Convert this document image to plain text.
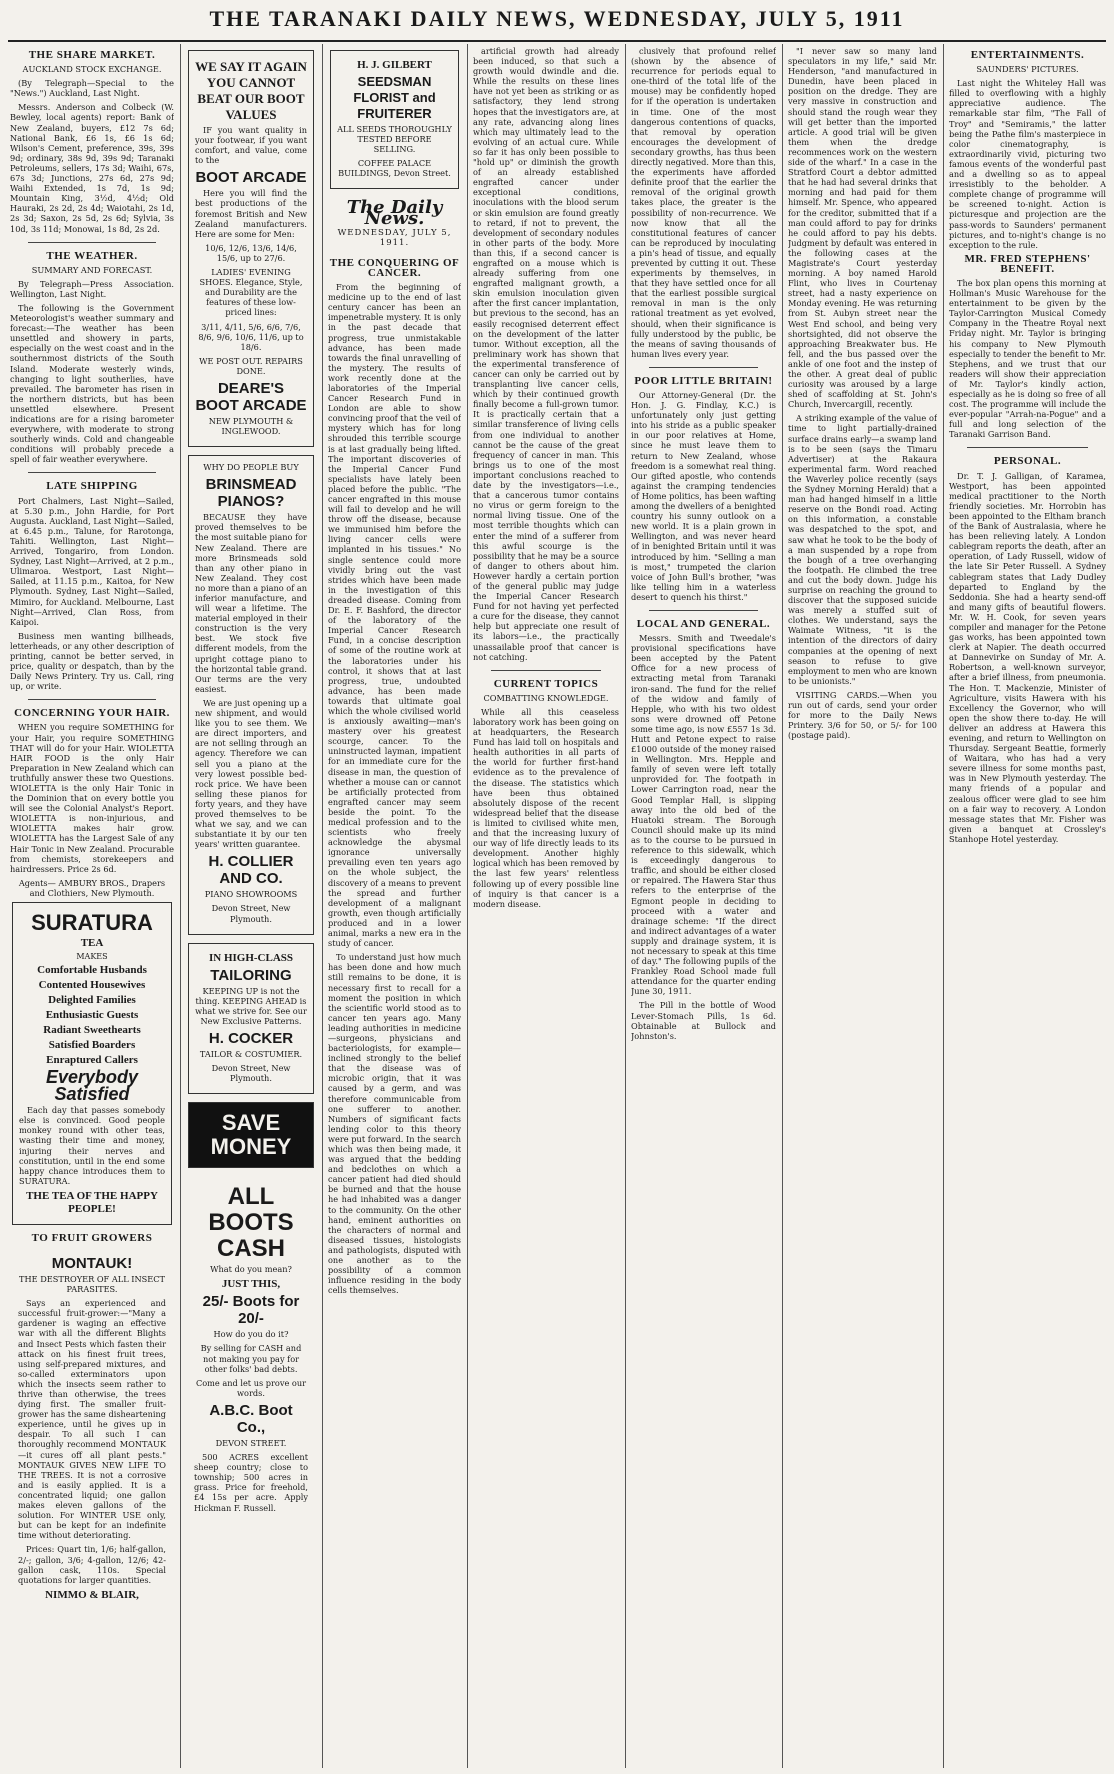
THE TARANAKI DAILY NEWS, WEDNESDAY, JULY 5, 1911
THE SHARE MARKET.

AUCKLAND STOCK EXCHANGE.

(By Telegraph—Special to the "News.") Auckland, Last Night.

Messrs. Anderson and Colbeck (W. Bewley, local agents) report: Bank of New Zealand, buyers, £12 7s 6d; National Bank, £6 1s, £6 1s 6d; Wilson's Cement, preference, 39s, 39s 9d; ordinary, 38s 9d, 39s 9d; Taranaki Petroleums, sellers, 17s 3d; Waihi, 67s, 67s 3d; Junctions, 27s 6d, 27s 9d; Waihi Extended, 1s 7d, 1s 9d; Mountain King, 3½d, 4½d; Old Hauraki, 2s 2d, 2s 4d; Waiotahi, 2s 1d, 2s 3d; Saxon, 2s 5d, 2s 6d; Sylvia, 3s 10d, 3s 11d; Monowai, 1s 8d, 2s 2d.

THE WEATHER.

SUMMARY AND FORECAST.

By Telegraph—Press Association. Wellington, Last Night.

The following is the Government Meteorologist's weather summary and forecast:—The weather has been unsettled and showery in parts, especially on the west coast and in the southernmost districts of the South Island. Moderate westerly winds, changing to light southerlies, have prevailed. The barometer has risen in the northern districts, but has been unsettled elsewhere. Present indications are for a rising barometer everywhere, with moderate to strong southerly winds. Cold and changeable conditions will probably precede a spell of fair weather everywhere.

LATE SHIPPING

Port Chalmers, Last Night—Sailed, at 5.30 p.m., John Hardie, for Port Augusta. Auckland, Last Night—Sailed, at 6.45 p.m., Talune, for Rarotonga, Tahiti. Wellington, Last Night—Arrived, Tongariro, from London. Sydney, Last Night—Arrived, at 2 p.m., Ulimaroa. Westport, Last Night—Sailed, at 11.15 p.m., Kaitoa, for New Plymouth. Sydney, Last Night—Sailed, Mimiro, for Auckland. Melbourne, Last Night—Arrived, Clan Ross, from Kaipoi.

Business men wanting billheads, letterheads, or any other description of printing, cannot be better served, in price, quality or despatch, than by the Daily News Printery. Try us. Call, ring up, or write.

CONCERNING YOUR HAIR.

WHEN you require SOMETHING for your Hair, you require SOMETHING THAT will do for your Hair. WIOLETTA HAIR FOOD is the only Hair Preparation in New Zealand which can truthfully answer these two Questions. WIOLETTA is the only Hair Tonic in the Dominion that on every bottle you will see the Colonial Analyst's Report. WIOLETTA is non-injurious, and WIOLETTA makes hair grow. WIOLETTA has the Largest Sale of any Hair Tonic in New Zealand. Procurable from chemists, storekeepers and hairdressers. Price 2s 6d.

Agents— AMBURY BROS., Drapers and Clothiers, New Plymouth.

SURATURA
TEA
MAKES
Comfortable Husbands
Contented Housewives
Delighted Families
Enthusiastic Guests
Radiant Sweethearts
Satisfied Boarders
Enraptured Callers
Everybody Satisfied

Each day that passes somebody else is convinced. Good people monkey round with other teas, wasting their time and money, injuring their nerves and constitution, until in the end some happy chance introduces them to SURATURA.

THE TEA OF THE HAPPY PEOPLE!
TO FRUIT GROWERS
MONTAUK!

THE DESTROYER OF ALL INSECT PARASITES.

Says an experienced and successful fruit-grower:—"Many a gardener is waging an effective war with all the different Blights and Insect Pests which fasten their attack on his finest fruit trees, using self-prepared mixtures, and so-called exterminators upon which the insects seem rather to thrive than otherwise, the trees dying first. The smaller fruit-grower has the same disheartening experience, until he gives up in despair. To all such I can thoroughly recommend MONTAUK—it cures off all plant pests." MONTAUK GIVES NEW LIFE TO THE TREES. It is not a corrosive and is easily applied. It is a concentrated liquid; one gallon makes eleven gallons of the solution. For WINTER USE only, but can be kept for an indefinite time without deteriorating.

Prices: Quart tin, 1/6; half-gallon, 2/-; gallon, 3/6; 4-gallon, 12/6; 42-gallon cask, 110s. Special quotations for larger quantities.

NIMMO & BLAIR,
WE SAY IT AGAIN YOU CANNOT BEAT OUR BOOT VALUES

IF you want quality in your footwear, if you want comfort, and value, come to the

BOOT ARCADE

Here you will find the best productions of the foremost British and New Zealand manufacturers. Here are some for Men:

10/6, 12/6, 13/6, 14/6, 15/6, up to 27/6.

LADIES' EVENING SHOES. Elegance, Style, and Durability are the features of these low-priced lines:

3/11, 4/11, 5/6, 6/6, 7/6, 8/6, 9/6, 10/6, 11/6, up to 18/6.

WE POST OUT. REPAIRS DONE.

DEARE'S BOOT ARCADE

NEW PLYMOUTH & INGLEWOOD.

WHY DO PEOPLE BUY

BRINSMEAD PIANOS?

BECAUSE they have proved themselves to be the most suitable piano for New Zealand. There are more Brinsmeads sold than any other piano in New Zealand. They cost no more than a piano of an inferior manufacture, and will wear a lifetime. The material employed in their construction is the very best. We stock five different models, from the upright cottage piano to the horizontal table grand. Our terms are the very easiest.

We are just opening up a new shipment, and would like you to see them. We are direct importers, and are not selling through an agency. Therefore we can sell you a piano at the very lowest possible bed-rock price. We have been selling these pianos for forty years, and they have proved themselves to be what we say, and we can substantiate it by our ten years' written guarantee.

H. COLLIER AND CO.

PIANO SHOWROOMS

Devon Street, New Plymouth.

IN HIGH-CLASS
TAILORING

KEEPING UP is not the thing. KEEPING AHEAD is what we strive for. See our New Exclusive Patterns.

H. COCKER

TAILOR & COSTUMIER.

Devon Street, New Plymouth.

SAVE MONEY
ALL BOOTS CASH

What do you mean?

JUST THIS,
25/- Boots for 20/-

How do you do it?

By selling for CASH and not making you pay for other folks' bad debts.

Come and let us prove our words.

A.B.C. Boot Co.,

DEVON STREET.

500 ACRES excellent sheep country; close to township; 500 acres in grass. Price for freehold, £4 15s per acre. Apply Hickman F. Russell.

H. J. GILBERT
SEEDSMAN FLORIST and FRUITERER

ALL SEEDS THOROUGHLY TESTED BEFORE SELLING.

COFFEE PALACE BUILDINGS, Devon Street.

The Daily News.
WEDNESDAY, JULY 5, 1911.
THE CONQUERING OF CANCER.

From the beginning of medicine up to the end of last century cancer has been an impenetrable mystery. It is only in the past decade that progress, true unmistakable advance, has been made towards the final unravelling of the mystery. The results of work recently done at the laboratories of the Imperial Cancer Research Fund in London are able to show convincing proof that the veil of mystery which has for long shrouded this terrible scourge is at last gradually being lifted. The important discoveries of the Imperial Cancer Fund specialists have lately been placed before the public. "The cancer engrafted in this mouse will fail to develop and he will throw off the disease, because we immunised him before the living cancer cells were implanted in his tissues." No single sentence could more vividly bring out the vast strides which have been made in the investigation of this dreaded disease. Coming from Dr. E. F. Bashford, the director of the laboratory of the Imperial Cancer Research Fund, in a concise description of some of the routine work at the laboratories under his control, it shows that at last progress, true, undoubted advance, has been made towards that ultimate goal which the whole civilised world is anxiously awaiting—man's mastery over his greatest scourge, cancer. To the uninstructed layman, impatient for an immediate cure for the disease in man, the question of whether a mouse can or cannot be artificially protected from engrafted cancer may seem beside the point. To the medical profession and to the scientists who freely acknowledge the abysmal ignorance universally prevailing even ten years ago on the whole subject, the discovery of a means to prevent the spread and further development of a malignant growth, even though artificially produced and in a lower animal, marks a new era in the study of cancer.

To understand just how much has been done and how much still remains to be done, it is necessary first to recall for a moment the position in which the scientific world stood as to cancer ten years ago. Many leading authorities in medicine—surgeons, physicians and bacteriologists, for example—inclined strongly to the belief that the disease was of microbic origin, that it was caused by a germ, and was therefore communicable from one sufferer to another. Numbers of significant facts lending color to this theory were put forward. In the search which was then being made, it was argued that the bedding and bedclothes on which a cancer patient had died should be burned and that the house he had inhabited was a danger to the community. On the other hand, eminent authorities on the characters of normal and diseased tissues, histologists and pathologists, disputed with one another as to the possibility of a common influence residing in the body cells themselves.

artificial growth had already been induced, so that such a growth would dwindle and die. While the results on these lines have not yet been as striking or as satisfactory, they lend strong hopes that the investigators are, at any rate, advancing along lines which may ultimately lead to the evolving of an actual cure. While so far it has only been possible to "hold up" or diminish the growth of an already established engrafted cancer under exceptional conditions, inoculations with the blood serum or skin emulsion are found greatly to retard, if not to prevent, the development of secondary nodules in other parts of the body. More than this, if a second cancer is engrafted on a mouse which is already suffering from one engrafted malignant growth, a skin emulsion inoculation given after the first cancer implantation, but previous to the second, has an easily recognised deterrent effect on the development of the latter tumor. Without exception, all the preliminary work has shown that the experimental transference of cancer can only be carried out by transplanting live cancer cells, which by their continued growth finally become a full-grown tumor. It is practically certain that a similar transference of living cells from one individual to another cannot be the cause of the great frequency of cancer in man. This brings us to one of the most important conclusions reached to date by the investigators—i.e., that a cancerous tumor contains no virus or germ foreign to the normal living tissue. One of the most terrible thoughts which can enter the mind of a sufferer from this awful scourge is the possibility that he may be a source of danger to others about him. However hardly a certain portion of the general public may judge the Imperial Cancer Research Fund for not having yet perfected a cure for the disease, they cannot help but appreciate one result of its labors—i.e., the practically unassailable proof that cancer is not catching.

CURRENT TOPICS

COMBATTING KNOWLEDGE.

While all this ceaseless laboratory work has been going on at headquarters, the Research Fund has laid toll on hospitals and health authorities in all parts of the world for further first-hand evidence as to the prevalence of the disease. The statistics which have been thus obtained absolutely dispose of the recent widespread belief that the disease is limited to civilised white men, and that the increasing luxury of our way of life directly leads to its development. Another highly logical which has been removed by the last few years' relentless following up of every possible line of inquiry is that cancer is a modern disease.

clusively that profound relief (shown by the absence of recurrence for periods equal to one-third of the total life of the mouse) may be confidently hoped for if the operation is undertaken in time. One of the most dangerous contentions of quacks, that removal by operation encourages the development of secondary growths, has thus been directly negatived. More than this, the experiments have afforded definite proof that the earlier the removal of the original growth takes place, the greater is the possibility of non-recurrence. We now know that all the constitutional features of cancer can be reproduced by inoculating a pin's head of tissue, and equally prevented by cutting it out. These experiments by themselves, in that they have settled once for all that the earliest possible surgical removal in man is the only rational treatment as yet evolved, should, when their significance is fully understood by the public, be the means of saving thousands of human lives every year.

POOR LITTLE BRITAIN!

Our Attorney-General (Dr. the Hon. J. G. Findlay, K.C.) is unfortunately only just getting into his stride as a public speaker in our poor relatives at Home, since he must leave them to return to New Zealand, whose freedom is a somewhat real thing. Our gifted apostle, who contends against the cramping tendencies of Home politics, has been wafting among the dwellers of a benighted country his sunny outlook on a new world. It is a plain grown in Wellington, and was never heard of in benighted Britain until it was introduced by him. "Selling a man is most," trumpeted the clarion voice of John Bull's brother, "was like telling him in a waterless desert to quench his thirst."

LOCAL AND GENERAL.

Messrs. Smith and Tweedale's provisional specifications have been accepted by the Patent Office for a new process of extracting metal from Taranaki iron-sand. The fund for the relief of the widow and family of Hepple, who with his two oldest sons were drowned off Petone some time ago, is now £557 1s 3d. Hutt and Petone expect to raise £1000 outside of the money raised in Wellington. Mrs. Hepple and family of seven were left totally unprovided for. The footpath in Lower Carrington road, near the Good Templar Hall, is slipping away into the old bed of the Huatoki stream. The Borough Council should make up its mind as to the course to be pursued in reference to this sidewalk, which is exceedingly dangerous to traffic, and should be either closed or repaired. The Hawera Star thus refers to the enterprise of the Egmont people in deciding to proceed with a water and drainage scheme: "If the direct and indirect advantages of a water supply and drainage system, it is not necessary to speak at this time of day." The following pupils of the Frankley Road School made full attendance for the quarter ending June 30, 1911.

The Pill in the bottle of Wood Lever-Stomach Pills, 1s 6d. Obtainable at Bullock and Johnston's.

"I never saw so many land speculators in my life," said Mr. Henderson, "and manufactured in Dunedin, have been placed in position on the dredge. They are very massive in construction and should stand the rough wear they will get better than the imported article. A good trial will be given them when the dredge recommences work on the western side of the wharf." In a case in the Stratford Court a debtor admitted that he had had several drinks that morning and had paid for them himself. Mr. Spence, who appeared for the creditor, submitted that if a man could afford to pay for drinks he could afford to pay his debts. Judgment by default was entered in the following cases at the Magistrate's Court yesterday morning. A boy named Harold Flint, who lives in Courtenay street, had a nasty experience on Monday evening. He was returning from St. Aubyn street near the West End school, and being very shortsighted, did not observe the approaching Breakwater bus. He fell, and the bus passed over the ankle of one foot and the instep of the other. A great deal of public curiosity was aroused by a large shed of scaffolding at St. John's Church, Invercargill, recently.

A striking example of the value of time to light partially-drained surface drains early—a swamp land is to be seen (says the Timaru Advertiser) at the Rakaura experimental farm. Word reached the Waverley police recently (says the Sydney Morning Herald) that a man had hanged himself in a little reserve on the Bondi road. Acting on this information, a constable was despatched to the spot, and saw what he took to be the body of a man suspended by a rope from the bough of a tree overhanging the footpath. He climbed the tree and cut the body down. Judge his surprise on reaching the ground to discover that the supposed suicide was merely a stuffed suit of clothes. We understand, says the Waimate Witness, "it is the intention of the directors of dairy companies at the opening of next season to refuse to give employment to men who are known to be unionists."

VISITING CARDS.—When you run out of cards, send your order for more to the Daily News Printery. 3/6 for 50, or 5/- for 100 (postage paid).

ENTERTAINMENTS.

SAUNDERS' PICTURES.

Last night the Whiteley Hall was filled to overflowing with a highly appreciative audience. The remarkable star film, "The Fall of Troy" and "Semiramis," the latter being the Pathe film's masterpiece in color cinematography, is extraordinarily vivid, picturing two famous events of the wonderful past and a dwelling so as to appeal irresistibly to the beholder. A complete change of programme will be screened to-night. Action is picturesque and projection are the pass-words to Saunders' permanent pictures, and to-night's change is no exception to the rule.

MR. FRED STEPHENS' BENEFIT.

The box plan opens this morning at Hollman's Music Warehouse for the entertainment to be given by the Taylor-Carrington Musical Comedy Company in the Theatre Royal next Friday night. Mr. Taylor is bringing his company to New Plymouth especially to tender the benefit to Mr. Stephens, and we trust that our readers will show their appreciation of Mr. Taylor's kindly action, especially as he is doing so free of all cost. The programme will include the ever-popular "Arrah-na-Pogue" and a full and long selection of the Taranaki Garrison Band.

PERSONAL.

Dr. T. J. Galligan, of Karamea, Westport, has been appointed medical practitioner to the North friendly societies. Mr. Horrobin has been appointed to the Eltham branch of the Bank of Australasia, where he has been relieving lately. A London cablegram reports the death, after an operation, of Lady Russell, widow of the late Sir Peter Russell. A Sydney cablegram states that Lady Dudley departed to England by the Seddonia. She had a hearty send-off and many gifts of beautiful flowers. Mr. W. H. Cook, for seven years compiler and manager for the Petone gas works, has been appointed town clerk at Napier. The death occurred at Dannevirke on Sunday of Mr. A. Robertson, a well-known surveyor, after a brief illness, from pneumonia. The Hon. T. Mackenzie, Minister of Agriculture, visits Hawera with his Excellency the Governor, who will open the show there to-day. He will deliver an address at Hawera this evening, and return to Wellington on Thursday. Sergeant Beattie, formerly of Waitara, who has had a very severe illness for some months past, was in New Plymouth yesterday. The many friends of a popular and zealous officer were glad to see him on a fair way to recovery. A London message states that Mr. Fisher was given a banquet at Crossley's Stanhope Hotel yesterday.
